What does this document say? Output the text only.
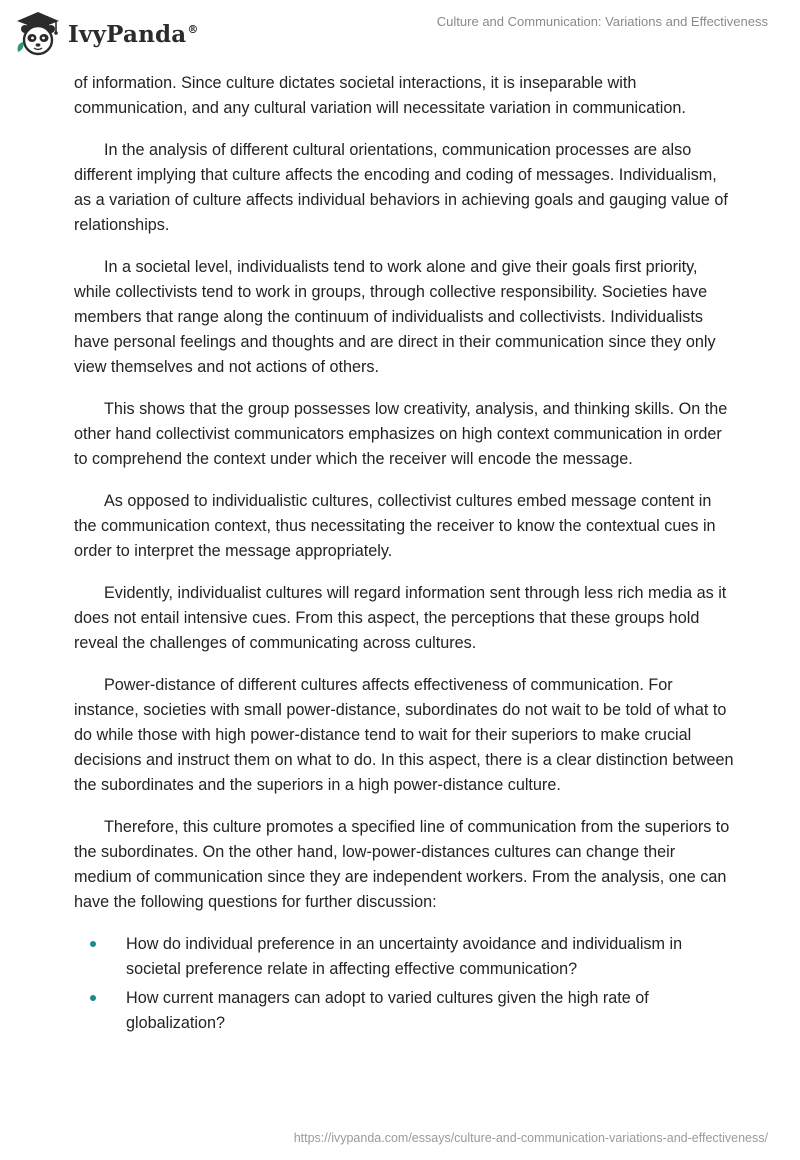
IvyPanda®
Culture and Communication: Variations and Effectiveness

of information. Since culture dictates societal interactions, it is inseparable with communication, and any cultural variation will necessitate variation in communication.

In the analysis of different cultural orientations, communication processes are also different implying that culture affects the encoding and coding of messages. Individualism, as a variation of culture affects individual behaviors in achieving goals and gauging value of relationships.

In a societal level, individualists tend to work alone and give their goals first priority, while collectivists tend to work in groups, through collective responsibility. Societies have members that range along the continuum of individualists and collectivists. Individualists have personal feelings and thoughts and are direct in their communication since they only view themselves and not actions of others.

This shows that the group possesses low creativity, analysis, and thinking skills. On the other hand collectivist communicators emphasizes on high context communication in order to comprehend the context under which the receiver will encode the message.

As opposed to individualistic cultures, collectivist cultures embed message content in the communication context, thus necessitating the receiver to know the contextual cues in order to interpret the message appropriately.

Evidently, individualist cultures will regard information sent through less rich media as it does not entail intensive cues. From this aspect, the perceptions that these groups hold reveal the challenges of communicating across cultures.

Power-distance of different cultures affects effectiveness of communication. For instance, societies with small power-distance, subordinates do not wait to be told of what to do while those with high power-distance tend to wait for their superiors to make crucial decisions and instruct them on what to do. In this aspect, there is a clear distinction between the subordinates and the superiors in a high power-distance culture.

Therefore, this culture promotes a specified line of communication from the superiors to the subordinates. On the other hand, low-power-distances cultures can change their medium of communication since they are independent workers. From the analysis, one can have the following questions for further discussion:

How do individual preference in an uncertainty avoidance and individualism in societal preference relate in affecting effective communication?
How current managers can adopt to varied cultures given the high rate of globalization?
https://ivypanda.com/essays/culture-and-communication-variations-and-effectiveness/
